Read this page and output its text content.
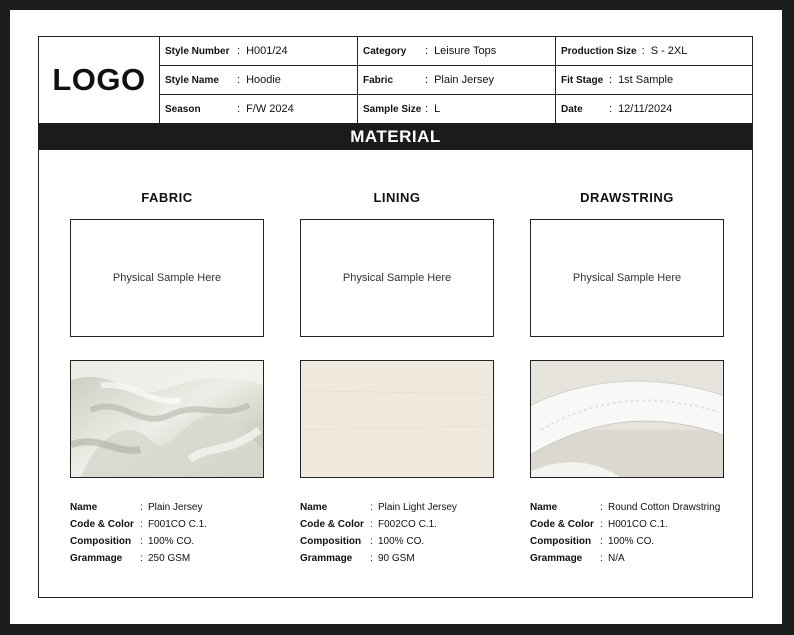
LOGO
Style Number : H001/24	Category	: Leisure Tops	Production Size : S - 2XL
Style Name	: Hoodie	Fabric	: Plain Jersey	Fit Stage : 1st Sample
Season	: F/W 2024	Sample Size : L	Date	: 12/11/2024
MATERIAL
FABRIC
Physical Sample Here
Name	: Plain Jersey
Code & Color : F001CO C.1.
Composition : 100% CO.
Grammage	: 250 GSM
LINING
Physical Sample Here
Name	: Plain Light Jersey
Code & Color : F002CO C.1.
Composition : 100% CO.
Grammage	: 90 GSM
DRAWSTRING
Physical Sample Here
Name	: Round Cotton Drawstring
Code & Color : H001CO C.1.
Composition : 100% CO.
Grammage	: N/A
